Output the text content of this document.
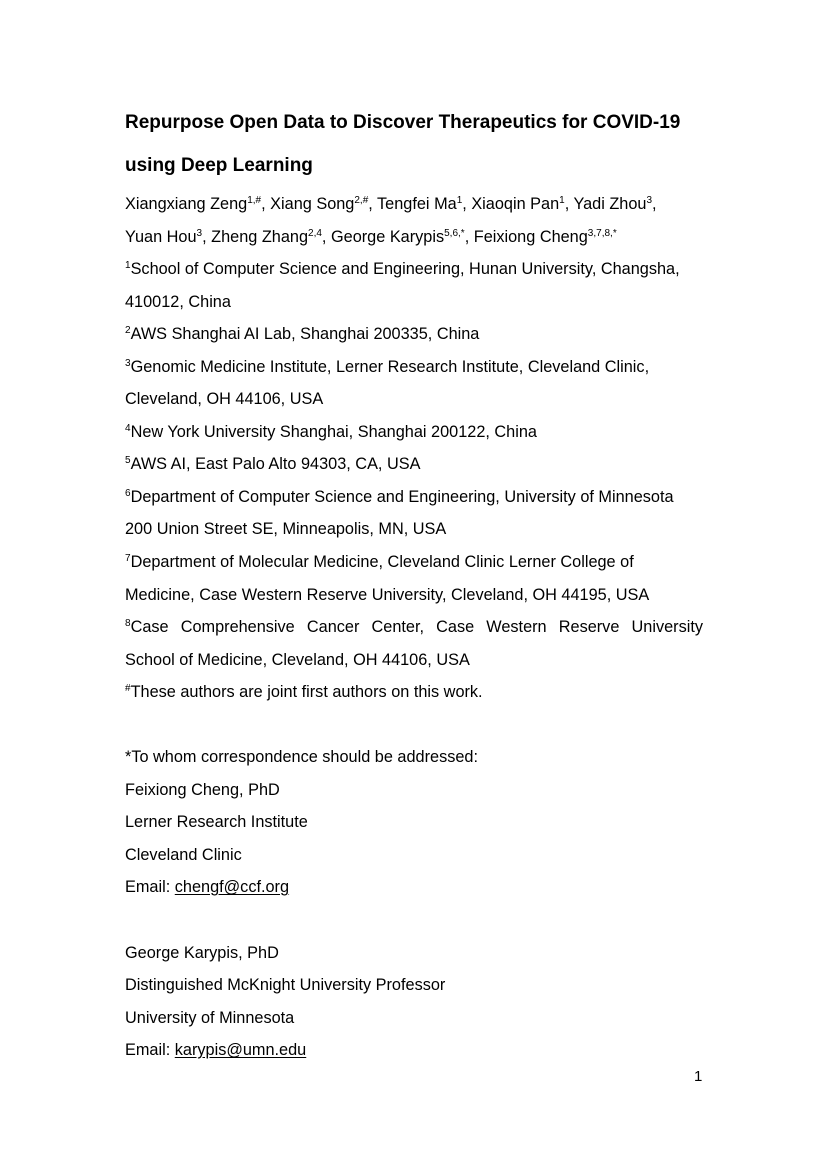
Repurpose Open Data to Discover Therapeutics for COVID-19
using Deep Learning
Xiangxiang Zeng$^{1,\#}$, Xiang Song$^{2,\#}$, Tengfei Ma$^1$, Xiaoqin Pan$^1$, Yadi Zhou$^3$,
Yuan Hou$^3$, Zheng Zhang$^{2,4}$, George Karypis$^{5,6,*}$, Feixiong Cheng$^{3,7,8,*}$
$^1$School of Computer Science and Engineering, Hunan University, Changsha,
410012, China
$^2$AWS Shanghai AI Lab, Shanghai 200335, China
$^3$Genomic Medicine Institute, Lerner Research Institute, Cleveland Clinic,
Cleveland, OH 44106, USA
$^4$New York University Shanghai, Shanghai 200122, China
$^5$AWS AI, East Palo Alto 94303, CA, USA
$^6$Department of Computer Science and Engineering, University of Minnesota
200 Union Street SE, Minneapolis, MN, USA
$^7$Department of Molecular Medicine, Cleveland Clinic Lerner College of
Medicine, Case Western Reserve University, Cleveland, OH 44195, USA
$^8$Case Comprehensive Cancer Center, Case Western Reserve University
School of Medicine, Cleveland, OH 44106, USA
#These authors are joint first authors on this work.
*To whom correspondence should be addressed:
Feixiong Cheng, PhD
Lerner Research Institute
Cleveland Clinic
Email: chengf@ccf.org
George Karypis, PhD
Distinguished McKnight University Professor
University of Minnesota
Email: karypis@umn.edu
1
